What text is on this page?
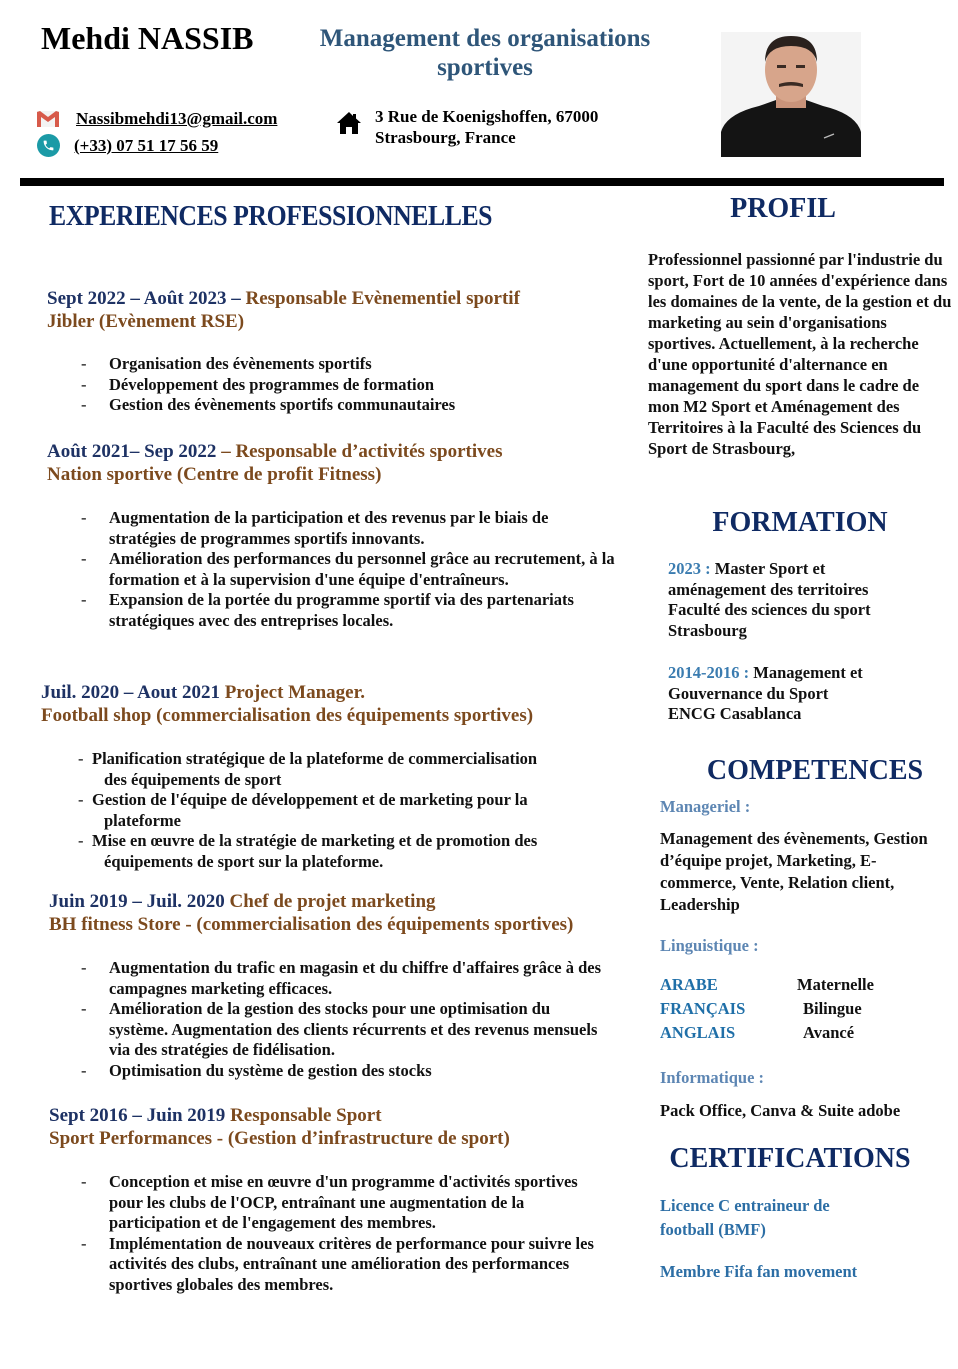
Mehdi NASSIB	Management des organisations sportives
Nassibmehdi13@gmail.com
(+33) 07 51 17 56 59
3 Rue de Koenigshoffen, 67000
Strasbourg, France
EXPERIENCES PROFESSIONNELLES
Sept 2022 – Août 2023 – Responsable Evènementiel sportif
Jibler (Evènement RSE)
- Organisation des évènements sportifs
- Développement des programmes de formation
- Gestion des évènements sportifs communautaires
Août 2021– Sep 2022 – Responsable d’activités sportives
Nation sportive (Centre de profit Fitness)
- Augmentation de la participation et des revenus par le biais de stratégies de programmes sportifs innovants.
- Amélioration des performances du personnel grâce au recrutement, à la formation et à la supervision d'une équipe d'entraîneurs.
- Expansion de la portée du programme sportif via des partenariats stratégiques avec des entreprises locales.
Juil. 2020 – Aout 2021 Project Manager.
Football shop (commercialisation des équipements sportives)
- Planification stratégique de la plateforme de commercialisation des équipements de sport
- Gestion de l'équipe de développement et de marketing pour la plateforme
- Mise en œuvre de la stratégie de marketing et de promotion des équipements de sport sur la plateforme.
Juin 2019 – Juil. 2020 Chef de projet marketing
BH fitness Store - (commercialisation des équipements sportives)
- Augmentation du trafic en magasin et du chiffre d'affaires grâce à des campagnes marketing efficaces.
- Amélioration de la gestion des stocks pour une optimisation du système. Augmentation des clients récurrents et des revenus mensuels via des stratégies de fidélisation.
- Optimisation du système de gestion des stocks
Sept 2016 – Juin 2019 Responsable Sport
Sport Performances - (Gestion d’infrastructure de sport)
- Conception et mise en œuvre d'un programme d'activités sportives pour les clubs de l'OCP, entraînant une augmentation de la participation et de l'engagement des membres.
- Implémentation de nouveaux critères de performance pour suivre les activités des clubs, entraînant une amélioration des performances sportives globales des membres.
PROFIL
Professionnel passionné par l'industrie du sport, Fort de 10 années d'expérience dans les domaines de la vente, de la gestion et du marketing au sein d'organisations sportives. Actuellement, à la recherche d'une opportunité d'alternance en management du sport dans le cadre de mon M2 Sport et Aménagement des Territoires à la Faculté des Sciences du Sport de Strasbourg,
FORMATION
2023 : Master Sport et
aménagement des territoires
Faculté des sciences du sport
Strasbourg
2014-2016 : Management et
Gouvernance du Sport
ENCG Casablanca
COMPETENCES
Manageriel :
Management des évènements, Gestion d’équipe projet, Marketing, E-commerce, Vente, Relation client, Leadership
Linguistique :
ARABE	Maternelle
FRANÇAIS	Bilingue
ANGLAIS	Avancé
Informatique :
Pack Office, Canva & Suite adobe
CERTIFICATIONS
Licence C entraineur de football (BMF)
Membre Fifa fan movement
